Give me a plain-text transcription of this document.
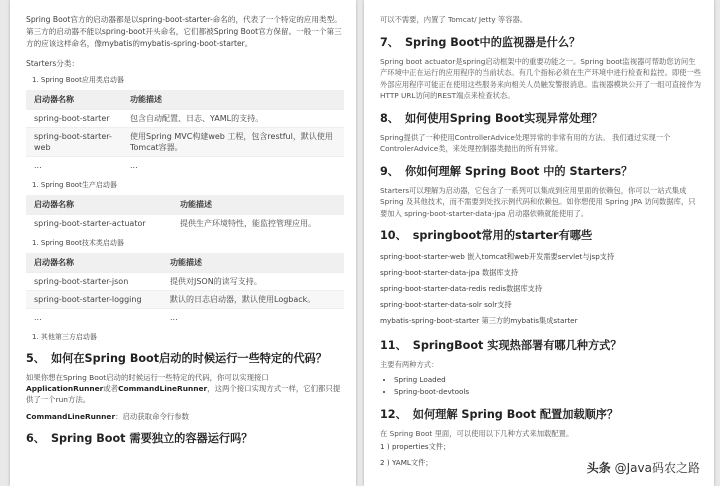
Spring Boot官方的启动器都是以spring-boot-starter-命名的，代表了一个特定的应用类型。第三方的启动器不能以spring-boot开头命名，它们都被Spring Boot官方保留。一般一个第三方的应该这样命名，像mybatis的mybatis-spring-boot-starter。

Starters分类：

1. Spring Boot应用类启动器

启动器名称	功能描述
spring-boot-starter	包含自动配置、日志、YAML的支持。
spring-boot-starter-web	使用Spring MVC构建web 工程，包含restful，默认使用Tomcat容器。
...	...

1. Spring Boot生产启动器

启动器名称	功能描述
spring-boot-starter-actuator	提供生产环境特性，能监控管理应用。

1. Spring Boot技术类启动器

启动器名称	功能描述
spring-boot-starter-json	提供对JSON的读写支持。
spring-boot-starter-logging	默认的日志启动器，默认使用Logback。
...	...

1. 其他第三方启动器

5、 如何在Spring Boot启动的时候运行一些特定的代码？

如果你想在Spring Boot启动的时候运行一些特定的代码，你可以实现接口ApplicationRunner或者CommandLineRunner，这两个接口实现方式一样，它们都只提供了一个run方法。

CommandLineRunner：启动获取命令行参数

6、 Spring Boot 需要独立的容器运行吗？

可以不需要，内置了 Tomcat/ Jetty 等容器。

7、 Spring Boot中的监视器是什么？

Spring boot actuator是spring启动框架中的重要功能之一。Spring boot监视器可帮助您访问生产环境中正在运行的应用程序的当前状态。有几个指标必须在生产环境中进行检查和监控。即使一些外部应用程序可能正在使用这些服务来向相关人员触发警报消息。监视器模块公开了一组可直接作为HTTP URL访问的REST端点来检查状态。

8、 如何使用Spring Boot实现异常处理？

Spring提供了一种使用ControllerAdvice处理异常的非常有用的方法。 我们通过实现一个ControlerAdvice类，来处理控制器类抛出的所有异常。

9、 你如何理解 Spring Boot 中的 Starters？

Starters可以理解为启动器，它包含了一系列可以集成到应用里面的依赖包，你可以一站式集成 Spring 及其他技术，而不需要到处找示例代码和依赖包。如你想使用 Spring JPA 访问数据库，只要加入 spring-boot-starter-data-jpa 启动器依赖就能使用了。

10、 springboot常用的starter有哪些
spring-boot-starter-web 嵌入tomcat和web开发需要servlet与jsp支持
spring-boot-starter-data-jpa 数据库支持
spring-boot-starter-data-redis redis数据库支持
spring-boot-starter-data-solr solr支持
mybatis-spring-boot-starter 第三方的mybatis集成starter
11、 SpringBoot 实现热部署有哪几种方式？

主要有两种方式：

• Spring Loaded
• Spring-boot-devtools
12、 如何理解 Spring Boot 配置加载顺序？

在 Spring Boot 里面，可以使用以下几种方式来加载配置。

1 ) properties文件；
2 ) YAML文件；	头条 @Java码农之路
